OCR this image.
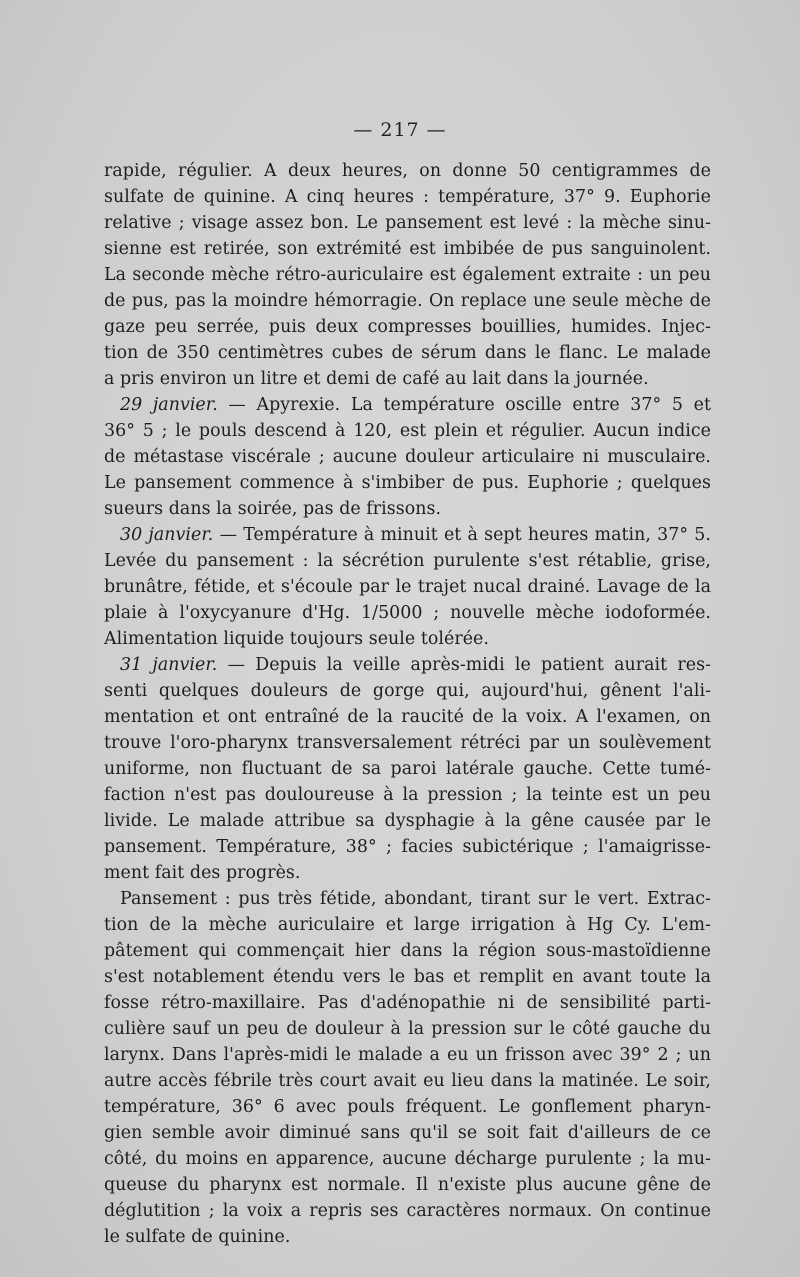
— 217 —
rapide, régulier. A deux heures, on donne 50 centigrammes de
sulfate de quinine. A cinq heures : température, 37° 9. Euphorie
relative ; visage assez bon. Le pansement est levé : la mèche sinu-
sienne est retirée, son extrémité est imbibée de pus sanguinolent.
La seconde mèche rétro-auriculaire est également extraite : un peu
de pus, pas la moindre hémorragie. On replace une seule mèche de
gaze peu serrée, puis deux compresses bouillies, humides. Injec-
tion de 350 centimètres cubes de sérum dans le flanc. Le malade
a pris environ un litre et demi de café au lait dans la journée.
29 janvier. — Apyrexie. La température oscille entre 37° 5 et
36° 5 ; le pouls descend à 120, est plein et régulier. Aucun indice
de métastase viscérale ; aucune douleur articulaire ni musculaire.
Le pansement commence à s'imbiber de pus. Euphorie ; quelques
sueurs dans la soirée, pas de frissons.
30 janvier. — Température à minuit et à sept heures matin, 37° 5.
Levée du pansement : la sécrétion purulente s'est rétablie, grise,
brunâtre, fétide, et s'écoule par le trajet nucal drainé. Lavage de la
plaie à l'oxycyanure d'Hg. 1/5000 ; nouvelle mèche iodoformée.
Alimentation liquide toujours seule tolérée.
31 janvier. — Depuis la veille après-midi le patient aurait res-
senti quelques douleurs de gorge qui, aujourd'hui, gênent l'ali-
mentation et ont entraîné de la raucité de la voix. A l'examen, on
trouve l'oro-pharynx transversalement rétréci par un soulèvement
uniforme, non fluctuant de sa paroi latérale gauche. Cette tumé-
faction n'est pas douloureuse à la pression ; la teinte est un peu
livide. Le malade attribue sa dysphagie à la gêne causée par le
pansement. Température, 38° ; facies subictérique ; l'amaigrisse-
ment fait des progrès.
Pansement : pus très fétide, abondant, tirant sur le vert. Extrac-
tion de la mèche auriculaire et large irrigation à Hg Cy. L'em-
pâtement qui commençait hier dans la région sous-mastoïdienne
s'est notablement étendu vers le bas et remplit en avant toute la
fosse rétro-maxillaire. Pas d'adénopathie ni de sensibilité parti-
culière sauf un peu de douleur à la pression sur le côté gauche du
larynx. Dans l'après-midi le malade a eu un frisson avec 39° 2 ; un
autre accès fébrile très court avait eu lieu dans la matinée. Le soir,
température, 36° 6 avec pouls fréquent. Le gonflement pharyn-
gien semble avoir diminué sans qu'il se soit fait d'ailleurs de ce
côté, du moins en apparence, aucune décharge purulente ; la mu-
queuse du pharynx est normale. Il n'existe plus aucune gêne de
déglutition ; la voix a repris ses caractères normaux. On continue
le sulfate de quinine.
